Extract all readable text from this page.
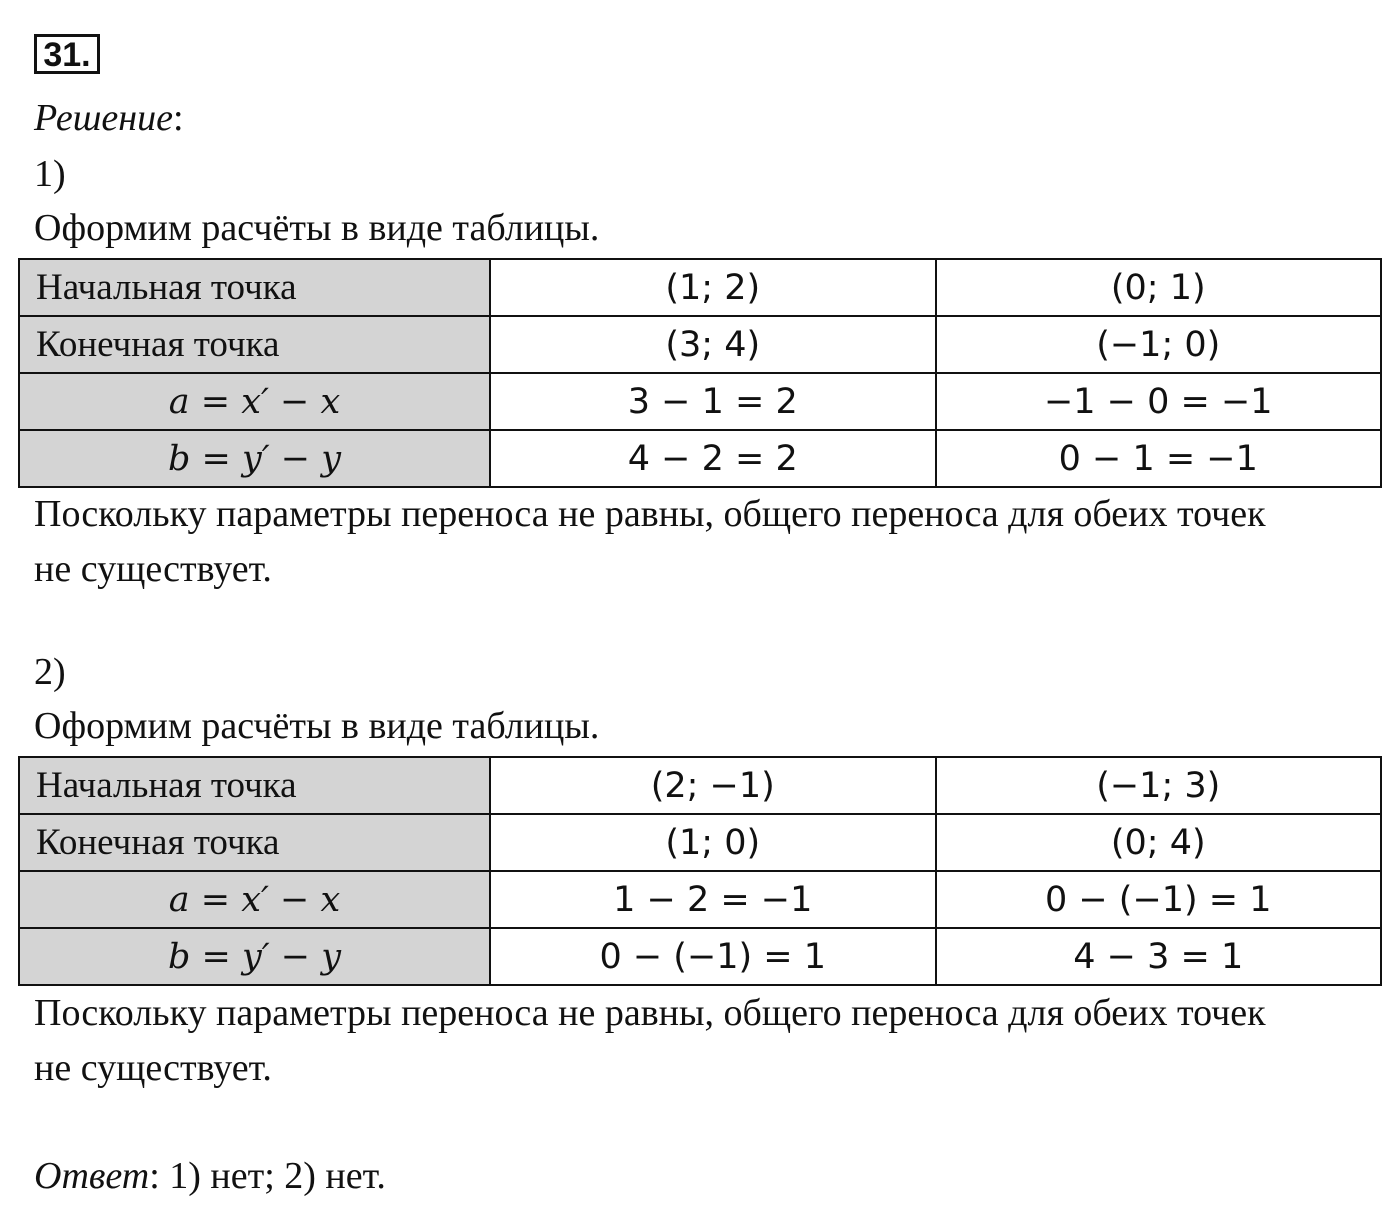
31.
Решение:
1)
Оформим расчёты в виде таблицы.
Начальная точка	(1; 2)	(0; 1)
Конечная точка	(3; 4)	(−1; 0)
a = x′ − x	3 − 1 = 2	−1 − 0 = −1
b = y′ − y	4 − 2 = 2	0 − 1 = −1
Поскольку параметры переноса не равны, общего переноса для обеих точек
не существует.
2)
Оформим расчёты в виде таблицы.
Начальная точка	(2; −1)	(−1; 3)
Конечная точка	(1; 0)	(0; 4)
a = x′ − x	1 − 2 = −1	0 − (−1) = 1
b = y′ − y	0 − (−1) = 1	4 − 3 = 1
Поскольку параметры переноса не равны, общего переноса для обеих точек
не существует.
Ответ: 1) нет; 2) нет.
